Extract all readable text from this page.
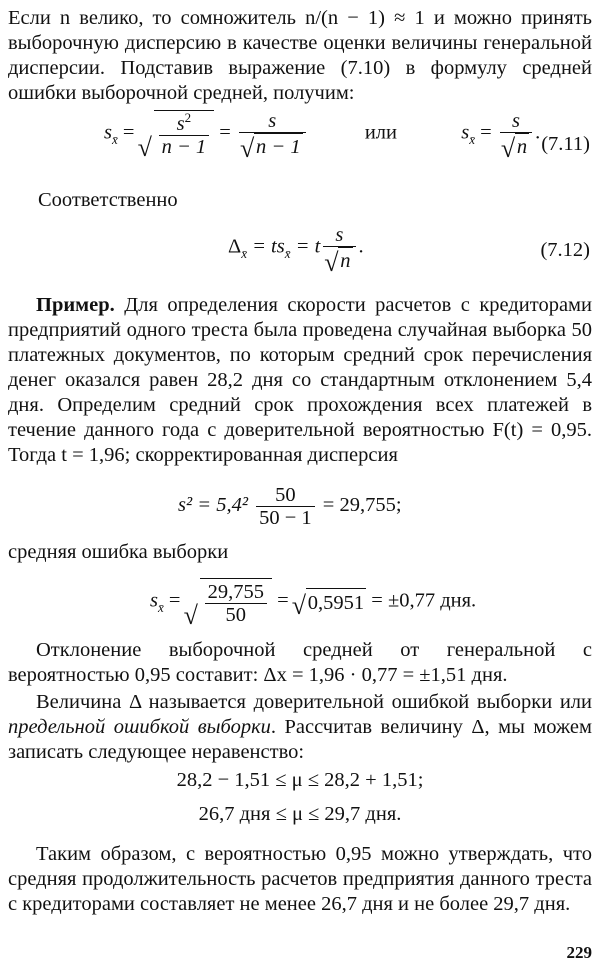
Если n велико, то сомножитель n/(n − 1) ≈ 1 и можно принять выборочную дисперсию в качестве оценки величины генеральной дисперсии. Подставив выражение (7.10) в формулу средней ошибки выборочной средней, получим:

$s_{x̄}$ = √ $\frac{s^2}{n - 1} = s$
√ n − 1	или	$s_{x̄} = s$
√ n .
(7.11)

Соответственно

$\Delta_{x̄} = ts_{x̄} = t$ s
√ n .	(7.12)

Пример. Для определения скорости расчетов с кредиторами предприятий одного треста была проведена случайная выборка 50 платежных документов, по которым средний срок перечисления денег оказался равен 28,2 дня со стандартным отклонением 5,4 дня. Определим средний срок прохождения всех платежей в течение данного года с доверительной вероятностью F(t) = 0,95. Тогда t = 1,96; скорректированная дисперсия

$s^2 = 5,4^2 \frac{50}{50 - 1} = 29,755$;

средняя ошибка выборки

$s_{x̄}$ = √ $\frac{29,755}{50}$ = √ 0,5951 = ±0,77 дня.

Отклонение выборочной средней от генеральной с вероятностью 0,95 составит: Δx = 1,96 · 0,77 = ±1,51 дня.

Величина Δ называется доверительной ошибкой выборки или предельной ошибкой выборки. Рассчитав величину Δ, мы можем записать следующее неравенство:

28,2 − 1,51 ≤ μ ≤ 28,2 + 1,51;

26,7 дня ≤ μ ≤ 29,7 дня.

Таким образом, с вероятностью 0,95 можно утверждать, что средняя продолжительность расчетов предприятия данного треста с кредиторами составляет не менее 26,7 дня и не более 29,7 дня.

229
